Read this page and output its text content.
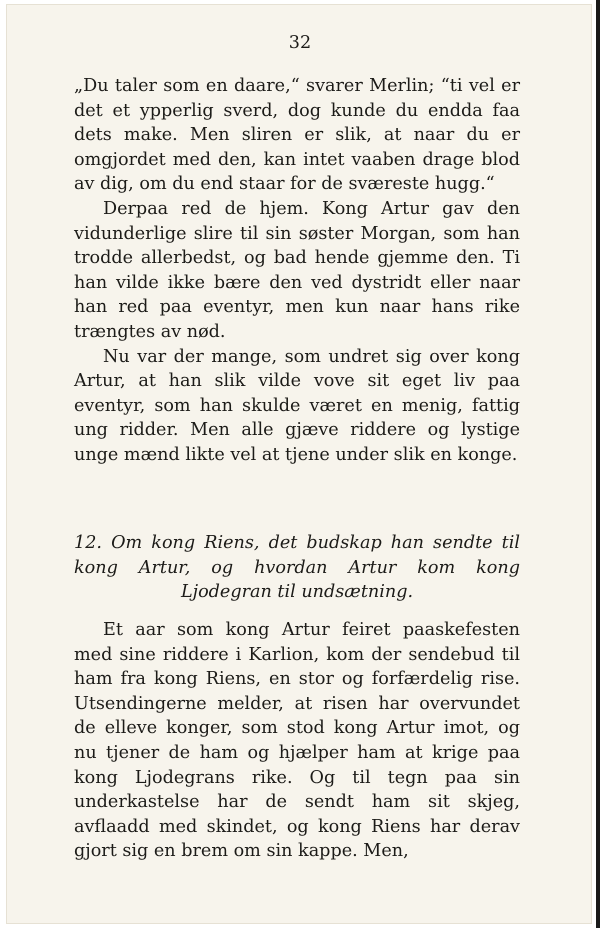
32

„Du taler som en daare,“ svarer Merlin; “ti vel er det et ypperlig sverd, dog kunde du endda faa dets make. Men sliren er slik, at naar du er omgjordet med den, kan intet vaaben drage blod av dig, om du end staar for de sværeste hugg.“

Derpaa red de hjem. Kong Artur gav den vidunderlige slire til sin søster Morgan, som han trodde allerbedst, og bad hende gjemme den. Ti han vilde ikke bære den ved dystridt eller naar han red paa eventyr, men kun naar hans rike trængtes av nød.

Nu var der mange, som undret sig over kong Artur, at han slik vilde vove sit eget liv paa eventyr, som han skulde været en menig, fattig ung ridder. Men alle gjæve riddere og lystige unge mænd likte vel at tjene under slik en konge.

12. Om kong Riens, det budskap han sendte til kong Artur, og hvordan Artur kom kong Ljodegran til undsætning.

Et aar som kong Artur feiret paaskefesten med sine riddere i Karlion, kom der sendebud til ham fra kong Riens, en stor og forfærdelig rise. Utsendingerne melder, at risen har overvundet de elleve konger, som stod kong Artur imot, og nu tjener de ham og hjælper ham at krige paa kong Ljodegrans rike. Og til tegn paa sin underkastelse har de sendt ham sit skjeg, avflaadd med skindet, og kong Riens har derav gjort sig en brem om sin kappe. Men,
